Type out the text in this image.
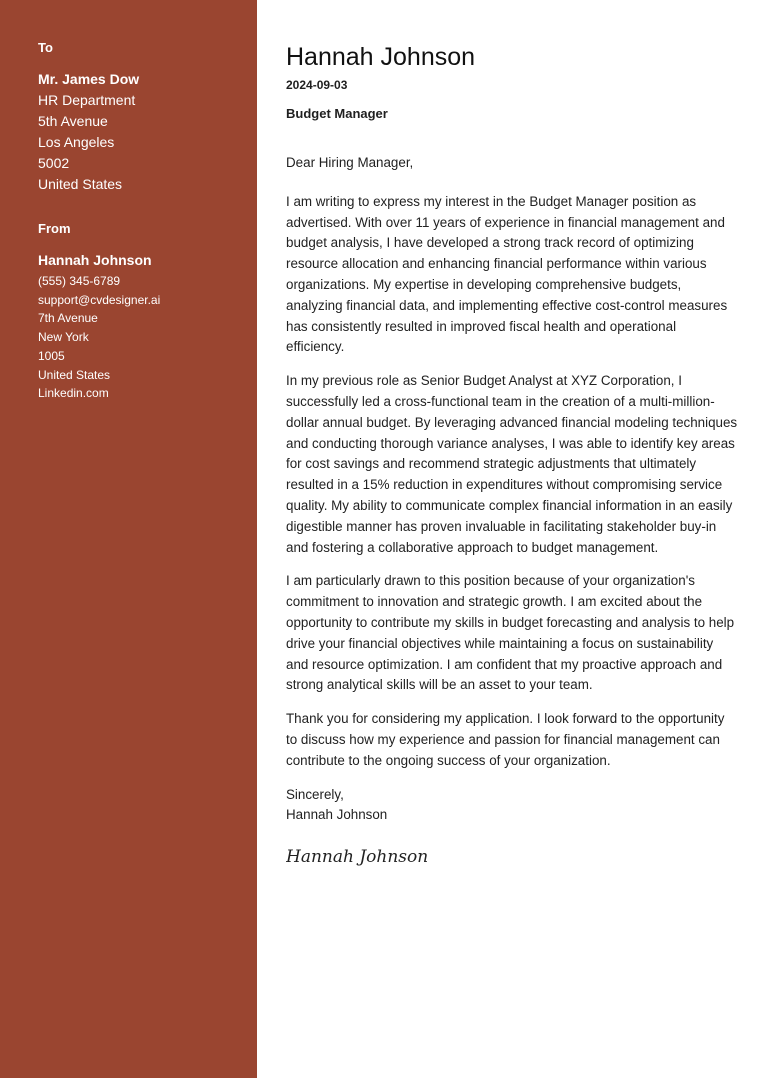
To
Mr. James Dow
HR Department
5th Avenue
Los Angeles
5002
United States
From
Hannah Johnson
(555) 345-6789
support@cvdesigner.ai
7th Avenue
New York
1005
United States
Linkedin.com
Hannah Johnson
2024-09-03
Budget Manager
Dear Hiring Manager,

I am writing to express my interest in the Budget Manager position as advertised. With over 11 years of experience in financial management and budget analysis, I have developed a strong track record of optimizing resource allocation and enhancing financial performance within various organizations. My expertise in developing comprehensive budgets, analyzing financial data, and implementing effective cost-control measures has consistently resulted in improved fiscal health and operational efficiency.

In my previous role as Senior Budget Analyst at XYZ Corporation, I successfully led a cross-functional team in the creation of a multi-million-dollar annual budget. By leveraging advanced financial modeling techniques and conducting thorough variance analyses, I was able to identify key areas for cost savings and recommend strategic adjustments that ultimately resulted in a 15% reduction in expenditures without compromising service quality. My ability to communicate complex financial information in an easily digestible manner has proven invaluable in facilitating stakeholder buy-in and fostering a collaborative approach to budget management.

I am particularly drawn to this position because of your organization's commitment to innovation and strategic growth. I am excited about the opportunity to contribute my skills in budget forecasting and analysis to help drive your financial objectives while maintaining a focus on sustainability and resource optimization. I am confident that my proactive approach and strong analytical skills will be an asset to your team.

Thank you for considering my application. I look forward to the opportunity to discuss how my experience and passion for financial management can contribute to the ongoing success of your organization.

Sincerely,
Hannah Johnson
Hannah Johnson
